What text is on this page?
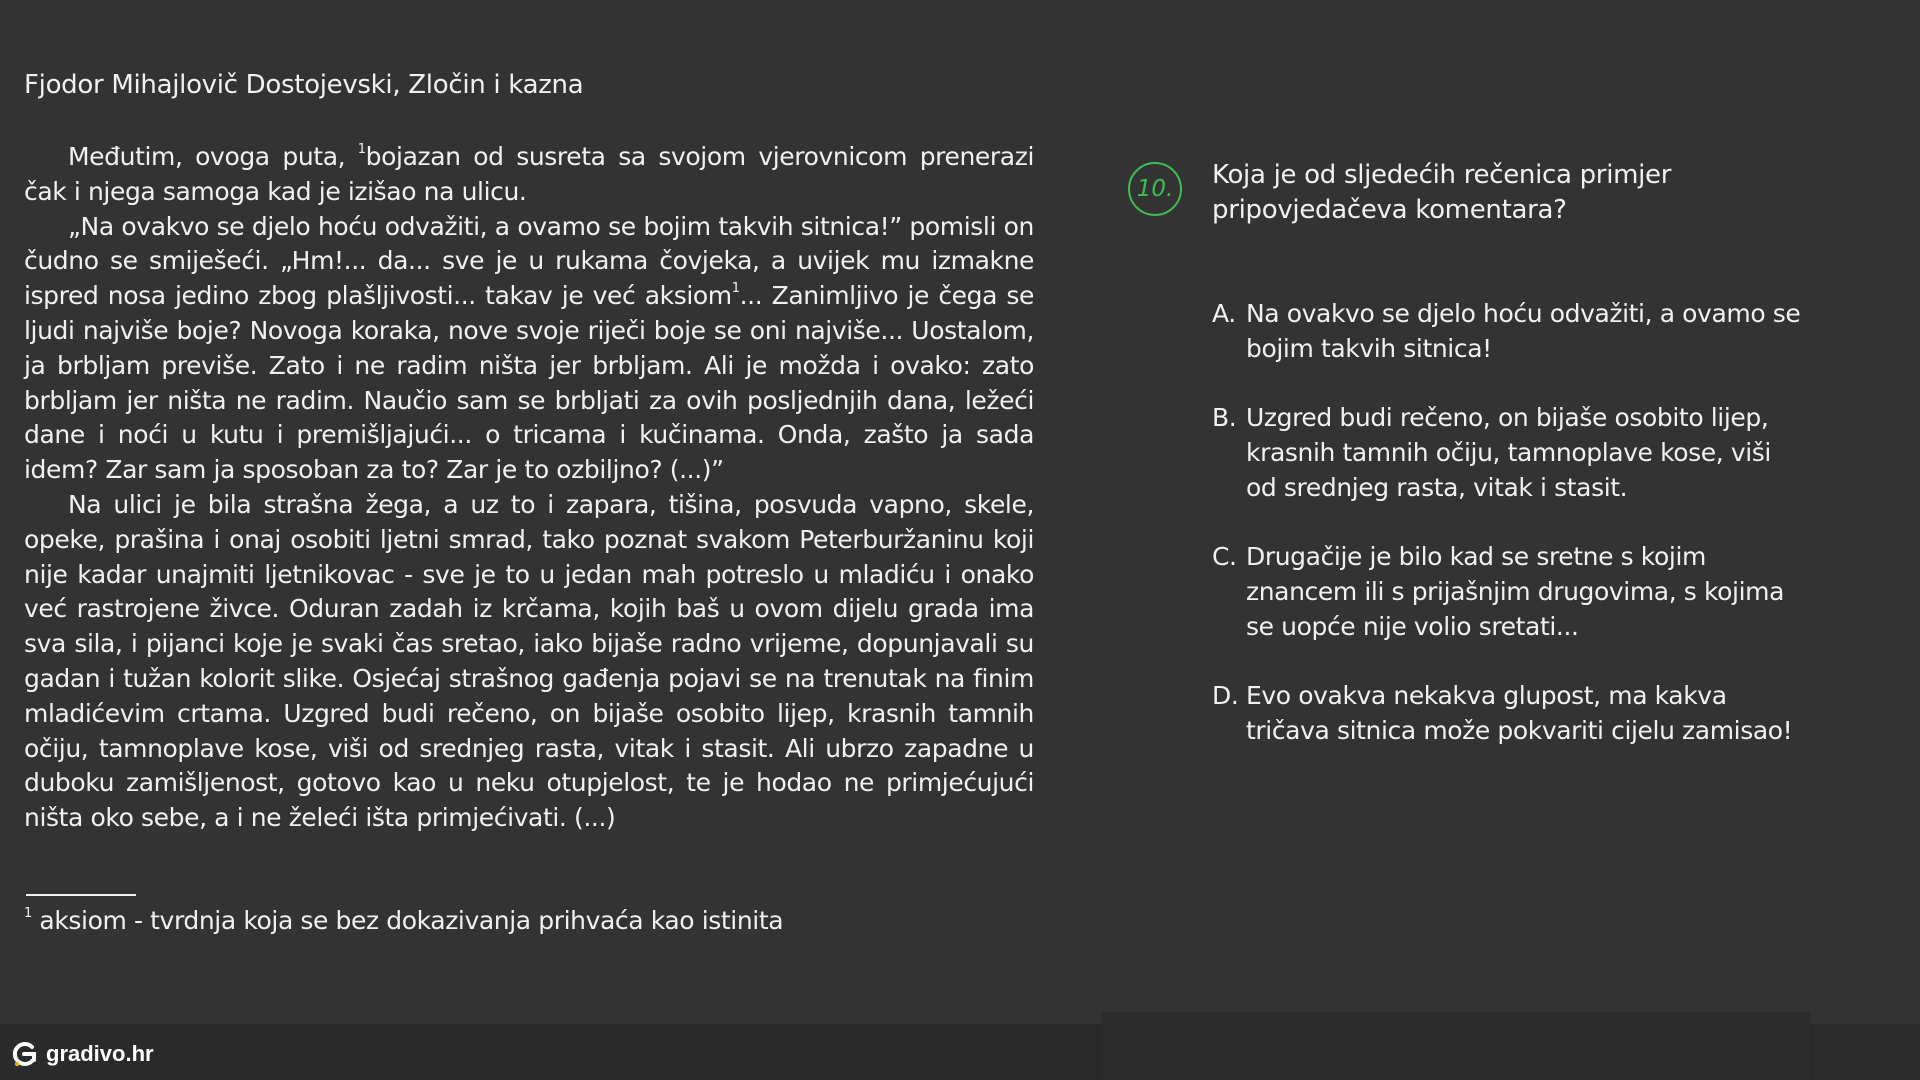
Fjodor Mihajlovič Dostojevski, Zločin i kazna

Međutim, ovoga puta, $^1$bojazan od susreta sa svojom vjerovnicom prenerazi čak i njega samoga kad je izišao na ulicu.

„Na ovakvo se djelo hoću odvažiti, a ovamo se bojim takvih sitnica!” pomisli on čudno se smiješeći. „Hm!... da... sve je u rukama čovjeka, a uvijek mu izmakne ispred nosa jedino zbog plašljivosti... takav je već aksiom$^1$... Zanimljivo je čega se ljudi najviše boje? Novoga koraka, nove svoje riječi boje se oni najviše... Uostalom, ja brbljam previše. Zato i ne radim ništa jer brbljam. Ali je možda i ovako: zato brbljam jer ništa ne radim. Naučio sam se brbljati za ovih posljednjih dana, ležeći dane i noći u kutu i premišljajući... o tricama i kučinama. Onda, zašto ja sada idem? Zar sam ja sposoban za to? Zar je to ozbiljno? (...)”

Na ulici je bila strašna žega, a uz to i zapara, tišina, posvuda vapno, skele, opeke, prašina i onaj osobiti ljetni smrad, tako poznat svakom Peterburžaninu koji nije kadar unajmiti ljetnikovac - sve je to u jedan mah potreslo u mladiću i onako već rastrojene živce. Oduran zadah iz krčama, kojih baš u ovom dijelu grada ima sva sila, i pijanci koje je svaki čas sretao, iako bijaše radno vrijeme, dopunjavali su gadan i tužan kolorit slike. Osjećaj strašnog gađenja pojavi se na trenutak na finim mladićevim crtama. Uzgred budi rečeno, on bijaše osobito lijep, krasnih tamnih očiju, tamnoplave kose, viši od srednjeg rasta, vitak i stasit. Ali ubrzo zapadne u duboku zamišljenost, gotovo kao u neku otupjelost, te je hodao ne primjećujući ništa oko sebe, a i ne želeći išta primjećivati. (...)

$^1$ aksiom - tvrdnja koja se bez dokazivanja prihvaća kao istinita
10.	Koja je od sljedećih rečenica primjer pripovjedačeva komentara?
A. Na ovakvo se djelo hoću odvažiti, a ovamo se bojim takvih sitnica!
B. Uzgred budi rečeno, on bijaše osobito lijep, krasnih tamnih očiju, tamnoplave kose, viši od srednjeg rasta, vitak i stasit.
C. Drugačije je bilo kad se sretne s kojim znancem ili s prijašnjim drugovima, s kojima se uopće nije volio sretati...
D. Evo ovakva nekakva glupost, ma kakva tričava sitnica može pokvariti cijelu zamisao!
gradivo.hr
